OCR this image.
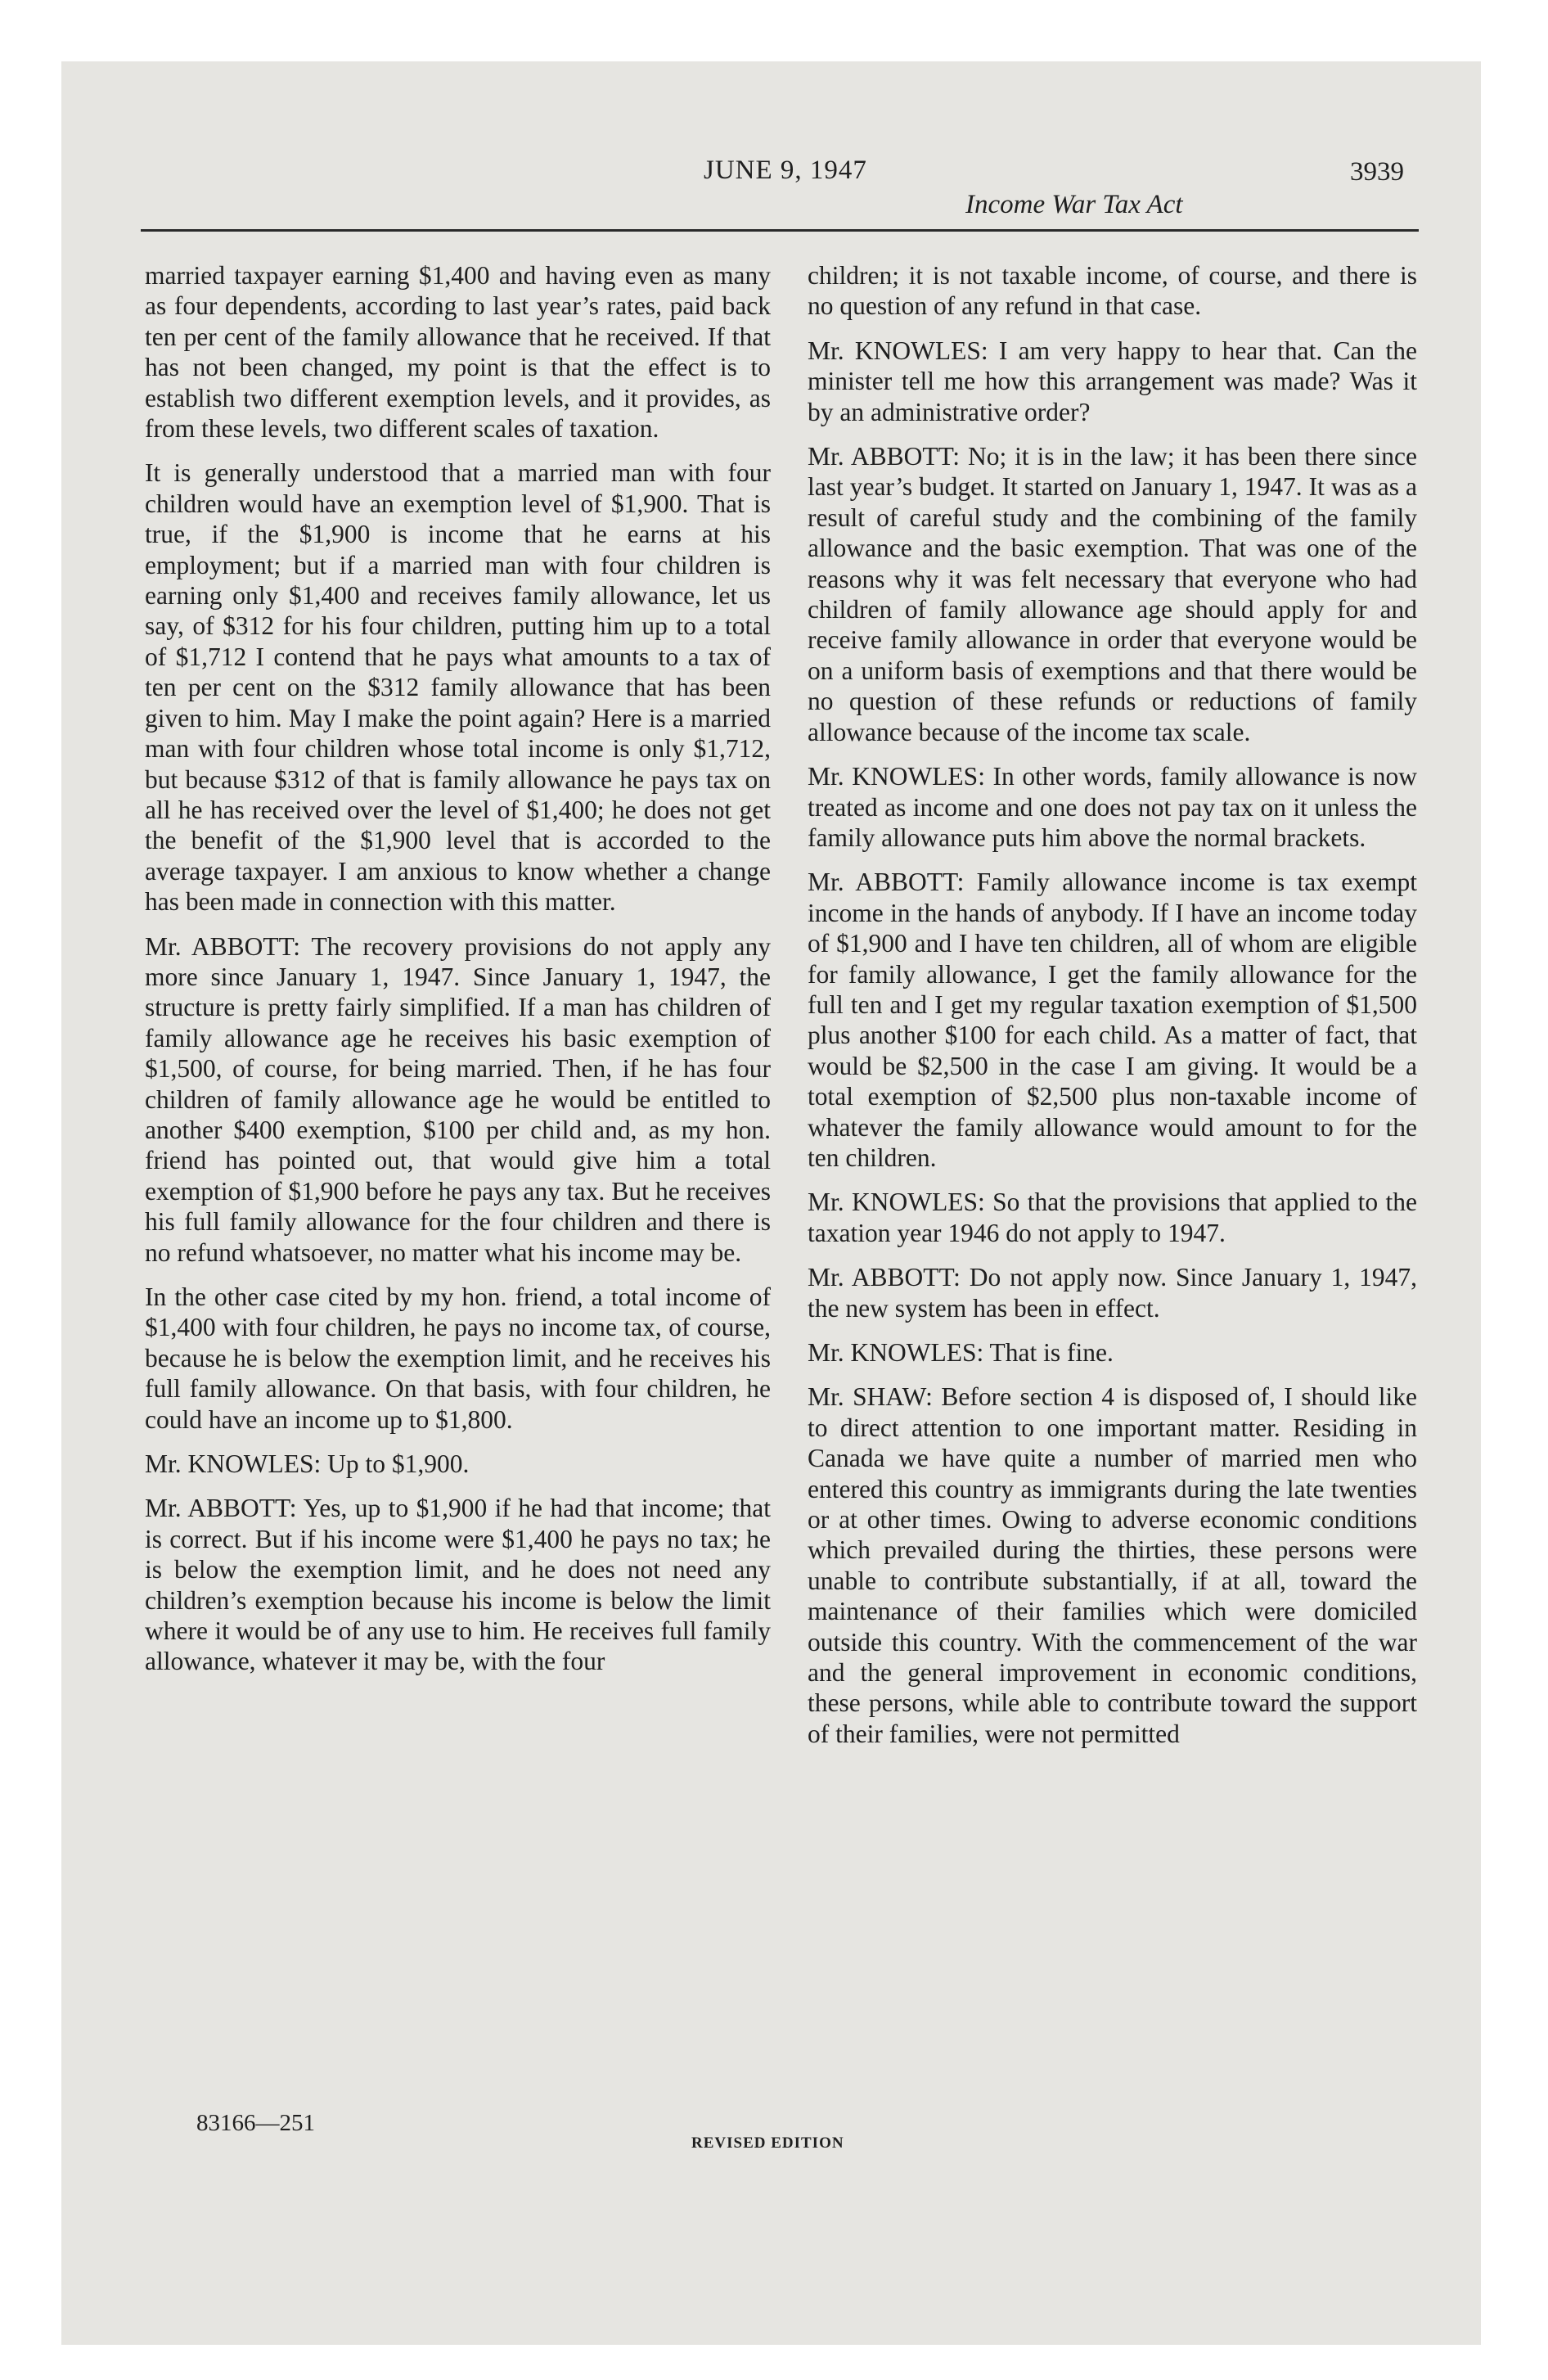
JUNE 9, 1947	3939
Income War Tax Act

married taxpayer earning $1,400 and having even as many as four dependents, according to last year’s rates, paid back ten per cent of the family allowance that he received. If that has not been changed, my point is that the effect is to establish two different exemption levels, and it provides, as from these levels, two different scales of taxation.

It is generally understood that a married man with four children would have an exemption level of $1,900. That is true, if the $1,900 is income that he earns at his employment; but if a married man with four children is earning only $1,400 and receives family allowance, let us say, of $312 for his four children, putting him up to a total of $1,712 I contend that he pays what amounts to a tax of ten per cent on the $312 family allowance that has been given to him. May I make the point again? Here is a married man with four children whose total income is only $1,712, but because $312 of that is family allowance he pays tax on all he has received over the level of $1,400; he does not get the benefit of the $1,900 level that is accorded to the average taxpayer. I am anxious to know whether a change has been made in connection with this matter.

Mr. ABBOTT: The recovery provisions do not apply any more since January 1, 1947. Since January 1, 1947, the structure is pretty fairly simplified. If a man has children of family allowance age he receives his basic exemption of $1,500, of course, for being married. Then, if he has four children of family allowance age he would be entitled to another $400 exemption, $100 per child and, as my hon. friend has pointed out, that would give him a total exemption of $1,900 before he pays any tax. But he receives his full family allowance for the four children and there is no refund whatsoever, no matter what his income may be.

In the other case cited by my hon. friend, a total income of $1,400 with four children, he pays no income tax, of course, because he is below the exemption limit, and he receives his full family allowance. On that basis, with four children, he could have an income up to $1,800.

Mr. KNOWLES: Up to $1,900.

Mr. ABBOTT: Yes, up to $1,900 if he had that income; that is correct. But if his income were $1,400 he pays no tax; he is below the exemption limit, and he does not need any children’s exemption because his income is below the limit where it would be of any use to him. He receives full family allowance, whatever it may be, with the four

children; it is not taxable income, of course, and there is no question of any refund in that case.

Mr. KNOWLES: I am very happy to hear that. Can the minister tell me how this arrangement was made? Was it by an administrative order?

Mr. ABBOTT: No; it is in the law; it has been there since last year’s budget. It started on January 1, 1947. It was as a result of careful study and the combining of the family allowance and the basic exemption. That was one of the reasons why it was felt necessary that everyone who had children of family allowance age should apply for and receive family allowance in order that everyone would be on a uniform basis of exemptions and that there would be no question of these refunds or reductions of family allowance because of the income tax scale.

Mr. KNOWLES: In other words, family allowance is now treated as income and one does not pay tax on it unless the family allowance puts him above the normal brackets.

Mr. ABBOTT: Family allowance income is tax exempt income in the hands of anybody. If I have an income today of $1,900 and I have ten children, all of whom are eligible for family allowance, I get the family allowance for the full ten and I get my regular taxation exemption of $1,500 plus another $100 for each child. As a matter of fact, that would be $2,500 in the case I am giving. It would be a total exemption of $2,500 plus non-taxable income of whatever the family allowance would amount to for the ten children.

Mr. KNOWLES: So that the provisions that applied to the taxation year 1946 do not apply to 1947.

Mr. ABBOTT: Do not apply now. Since January 1, 1947, the new system has been in effect.

Mr. KNOWLES: That is fine.

Mr. SHAW: Before section 4 is disposed of, I should like to direct attention to one important matter. Residing in Canada we have quite a number of married men who entered this country as immigrants during the late twenties or at other times. Owing to adverse economic conditions which prevailed during the thirties, these persons were unable to contribute substantially, if at all, toward the maintenance of their families which were domiciled outside this country. With the commencement of the war and the general improvement in economic conditions, these persons, while able to contribute toward the support of their families, were not permitted

83166—251
REVISED EDITION
